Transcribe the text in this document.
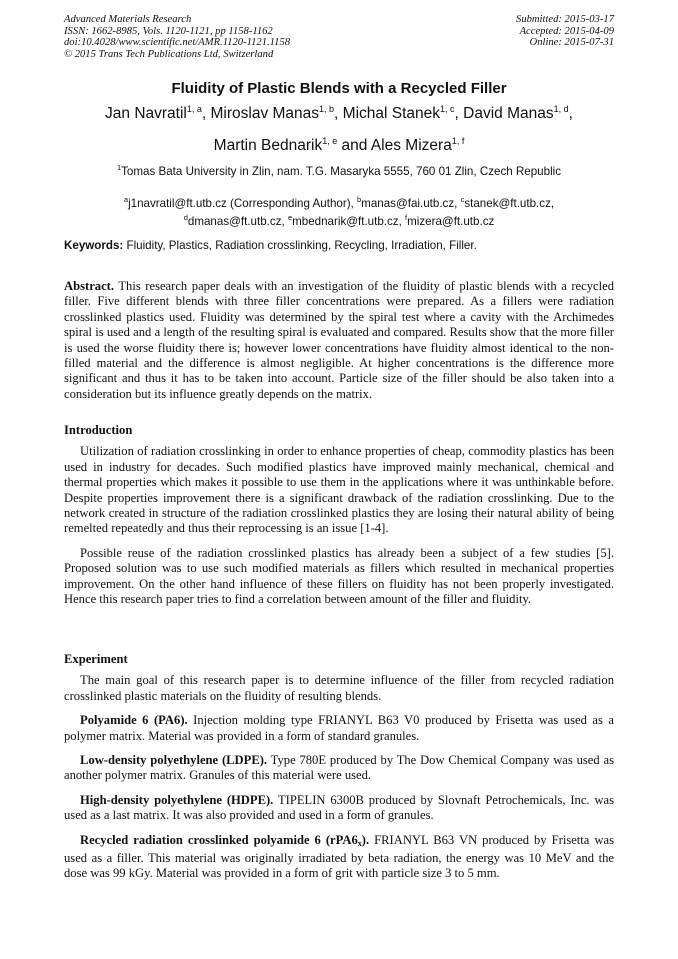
Advanced Materials Research
ISSN: 1662-8985, Vols. 1120-1121, pp 1158-1162
doi:10.4028/www.scientific.net/AMR.1120-1121.1158
© 2015 Trans Tech Publications Ltd, Switzerland
Submitted: 2015-03-17
Accepted: 2015-04-09
Online: 2015-07-31
Fluidity of Plastic Blends with a Recycled Filler
Jan Navratil$^{1, a}$, Miroslav Manas$^{1, b}$, Michal Stanek$^{1, c}$, David Manas$^{1, d}$,
Martin Bednarik$^{1, e}$ and Ales Mizera$^{1, f}$
$^1$Tomas Bata University in Zlin, nam. T.G. Masaryka 5555, 760 01 Zlin, Czech Republic
$^a$j1navratil@ft.utb.cz (Corresponding Author), $^b$manas@fai.utb.cz, $^c$stanek@ft.utb.cz,
$^d$dmanas@ft.utb.cz, $^e$mbednarik@ft.utb.cz, $^f$mizera@ft.utb.cz
Keywords: Fluidity, Plastics, Radiation crosslinking, Recycling, Irradiation, Filler.
Abstract. This research paper deals with an investigation of the fluidity of plastic blends with a recycled filler. Five different blends with three filler concentrations were prepared. As a fillers were radiation crosslinked plastics used. Fluidity was determined by the spiral test where a cavity with the Archimedes spiral is used and a length of the resulting spiral is evaluated and compared. Results show that the more filler is used the worse fluidity there is; however lower concentrations have fluidity almost identical to the non-filled material and the difference is almost negligible. At higher concentrations is the difference more significant and thus it has to be taken into account. Particle size of the filler should be also taken into a consideration but its influence greatly depends on the matrix.
Introduction

Utilization of radiation crosslinking in order to enhance properties of cheap, commodity plastics has been used in industry for decades. Such modified plastics have improved mainly mechanical, chemical and thermal properties which makes it possible to use them in the applications where it was unthinkable before. Despite properties improvement there is a significant drawback of the radiation crosslinking. Due to the network created in structure of the radiation crosslinked plastics they are losing their natural ability of being remelted repeatedly and thus their reprocessing is an issue [1-4].

Possible reuse of the radiation crosslinked plastics has already been a subject of a few studies [5]. Proposed solution was to use such modified materials as fillers which resulted in mechanical properties improvement. On the other hand influence of these fillers on fluidity has not been properly investigated. Hence this research paper tries to find a correlation between amount of the filler and fluidity.

Experiment

The main goal of this research paper is to determine influence of the filler from recycled radiation crosslinked plastic materials on the fluidity of resulting blends.

Polyamide 6 (PA6). Injection molding type FRIANYL B63 V0 produced by Frisetta was used as a polymer matrix. Material was provided in a form of standard granules.

Low-density polyethylene (LDPE). Type 780E produced by The Dow Chemical Company was used as another polymer matrix. Granules of this material were used.

High-density polyethylene (HDPE). TIPELIN 6300B produced by Slovnaft Petrochemicals, Inc. was used as a last matrix. It was also provided and used in a form of granules.

Recycled radiation crosslinked polyamide 6 $(rPA6_x)$. FRIANYL B63 VN produced by Frisetta was used as a filler. This material was originally irradiated by beta radiation, the energy was 10 MeV and the dose was 99 kGy. Material was provided in a form of grit with particle size 3 to 5 mm.
